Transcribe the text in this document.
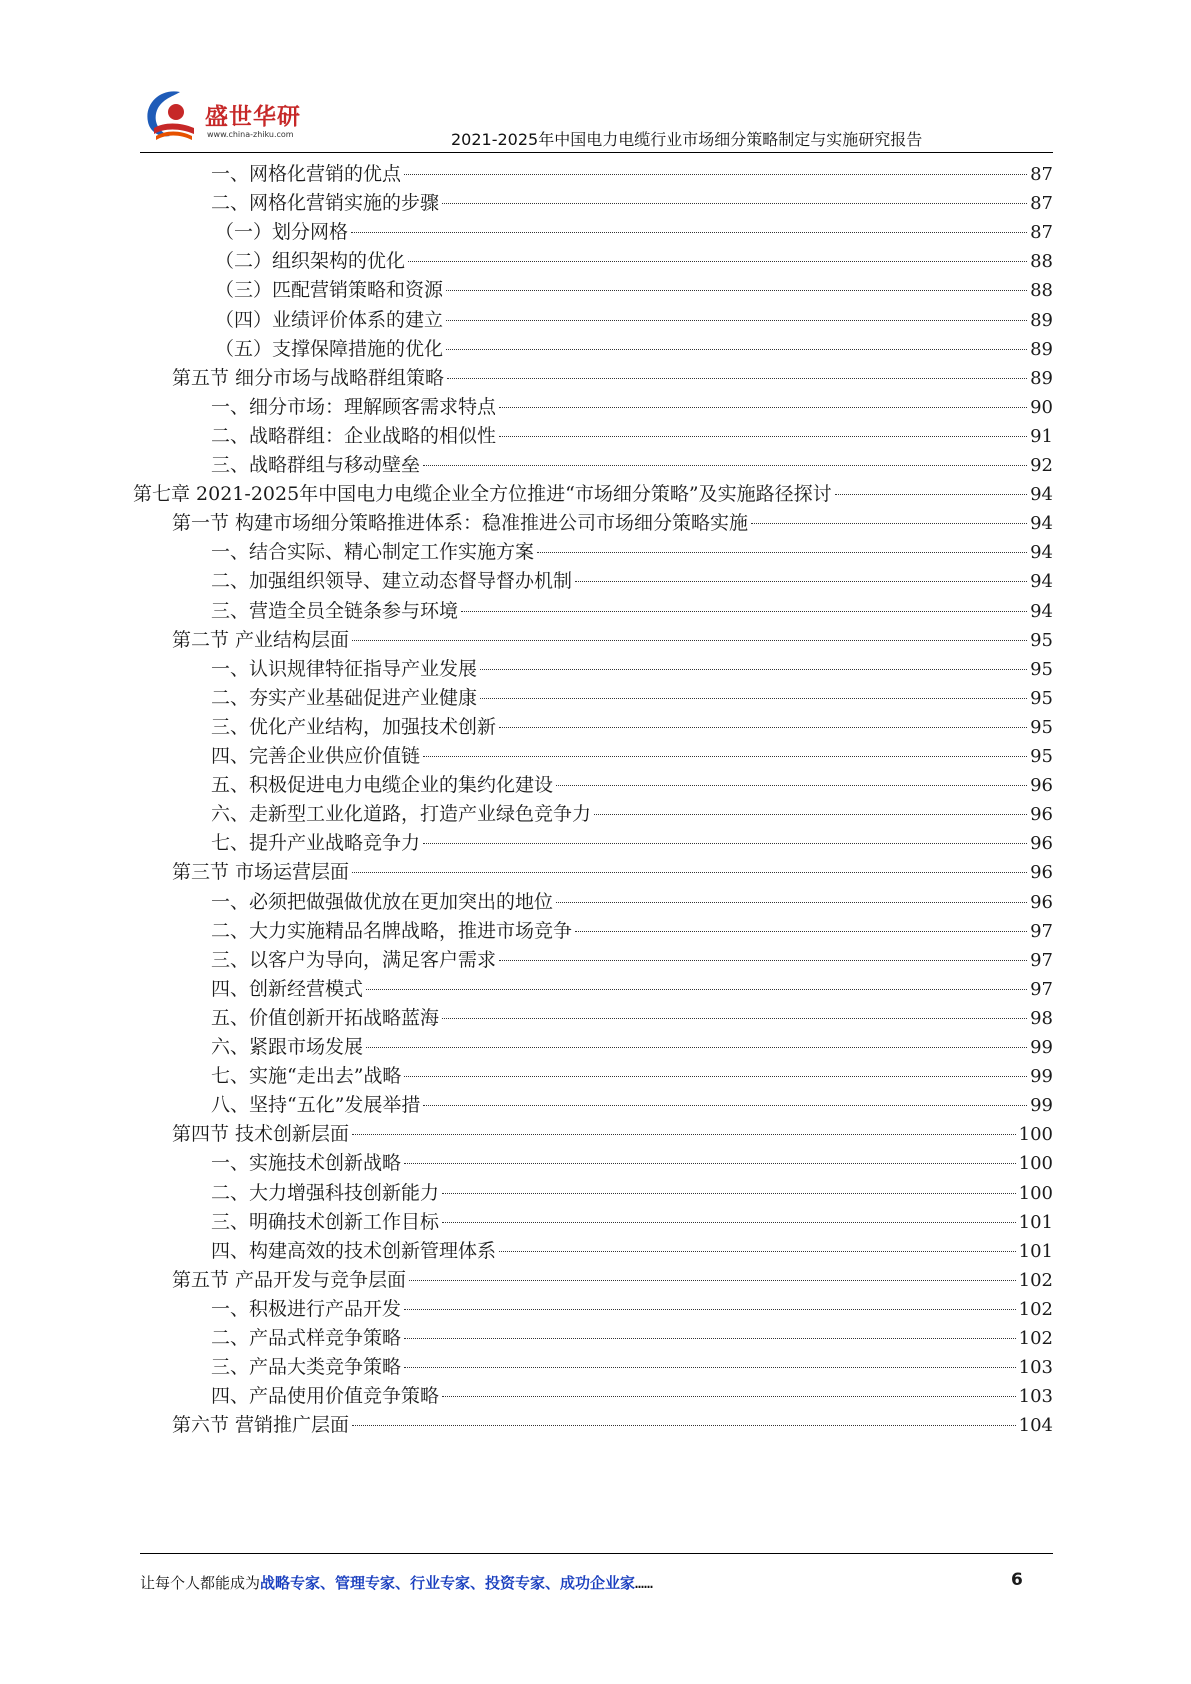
盛世华研
www.china-zhiku.com	2021-2025年中国电力电缆行业市场细分策略制定与实施研究报告
一、网格化营销的优点	87
二、网格化营销实施的步骤	87
（一）划分网格	87
（二）组织架构的优化	88
（三）匹配营销策略和资源	88
（四）业绩评价体系的建立	89
（五）支撑保障措施的优化	89
第五节 细分市场与战略群组策略	89
一、细分市场：理解顾客需求特点	90
二、战略群组：企业战略的相似性	91
三、战略群组与移动壁垒	92
第七章 2021-2025年中国电力电缆企业全方位推进“市场细分策略”及实施路径探讨	94
第一节 构建市场细分策略推进体系：稳准推进公司市场细分策略实施	94
一、结合实际、精心制定工作实施方案	94
二、加强组织领导、建立动态督导督办机制	94
三、营造全员全链条参与环境	94
第二节 产业结构层面	95
一、认识规律特征指导产业发展	95
二、夯实产业基础促进产业健康	95
三、优化产业结构，加强技术创新	95
四、完善企业供应价值链	95
五、积极促进电力电缆企业的集约化建设	96
六、走新型工业化道路，打造产业绿色竞争力	96
七、提升产业战略竞争力	96
第三节 市场运营层面	96
一、必须把做强做优放在更加突出的地位	96
二、大力实施精品名牌战略，推进市场竞争	97
三、以客户为导向，满足客户需求	97
四、创新经营模式	97
五、价值创新开拓战略蓝海	98
六、紧跟市场发展	99
七、实施“走出去”战略	99
八、坚持“五化”发展举措	99
第四节 技术创新层面	100
一、实施技术创新战略	100
二、大力增强科技创新能力	100
三、明确技术创新工作目标	101
四、构建高效的技术创新管理体系	101
第五节 产品开发与竞争层面	102
一、积极进行产品开发	102
二、产品式样竞争策略	102
三、产品大类竞争策略	103
四、产品使用价值竞争策略	103
第六节 营销推广层面	104
让每个人都能成为战略专家、管理专家、行业专家、投资专家、成功企业家……	6
